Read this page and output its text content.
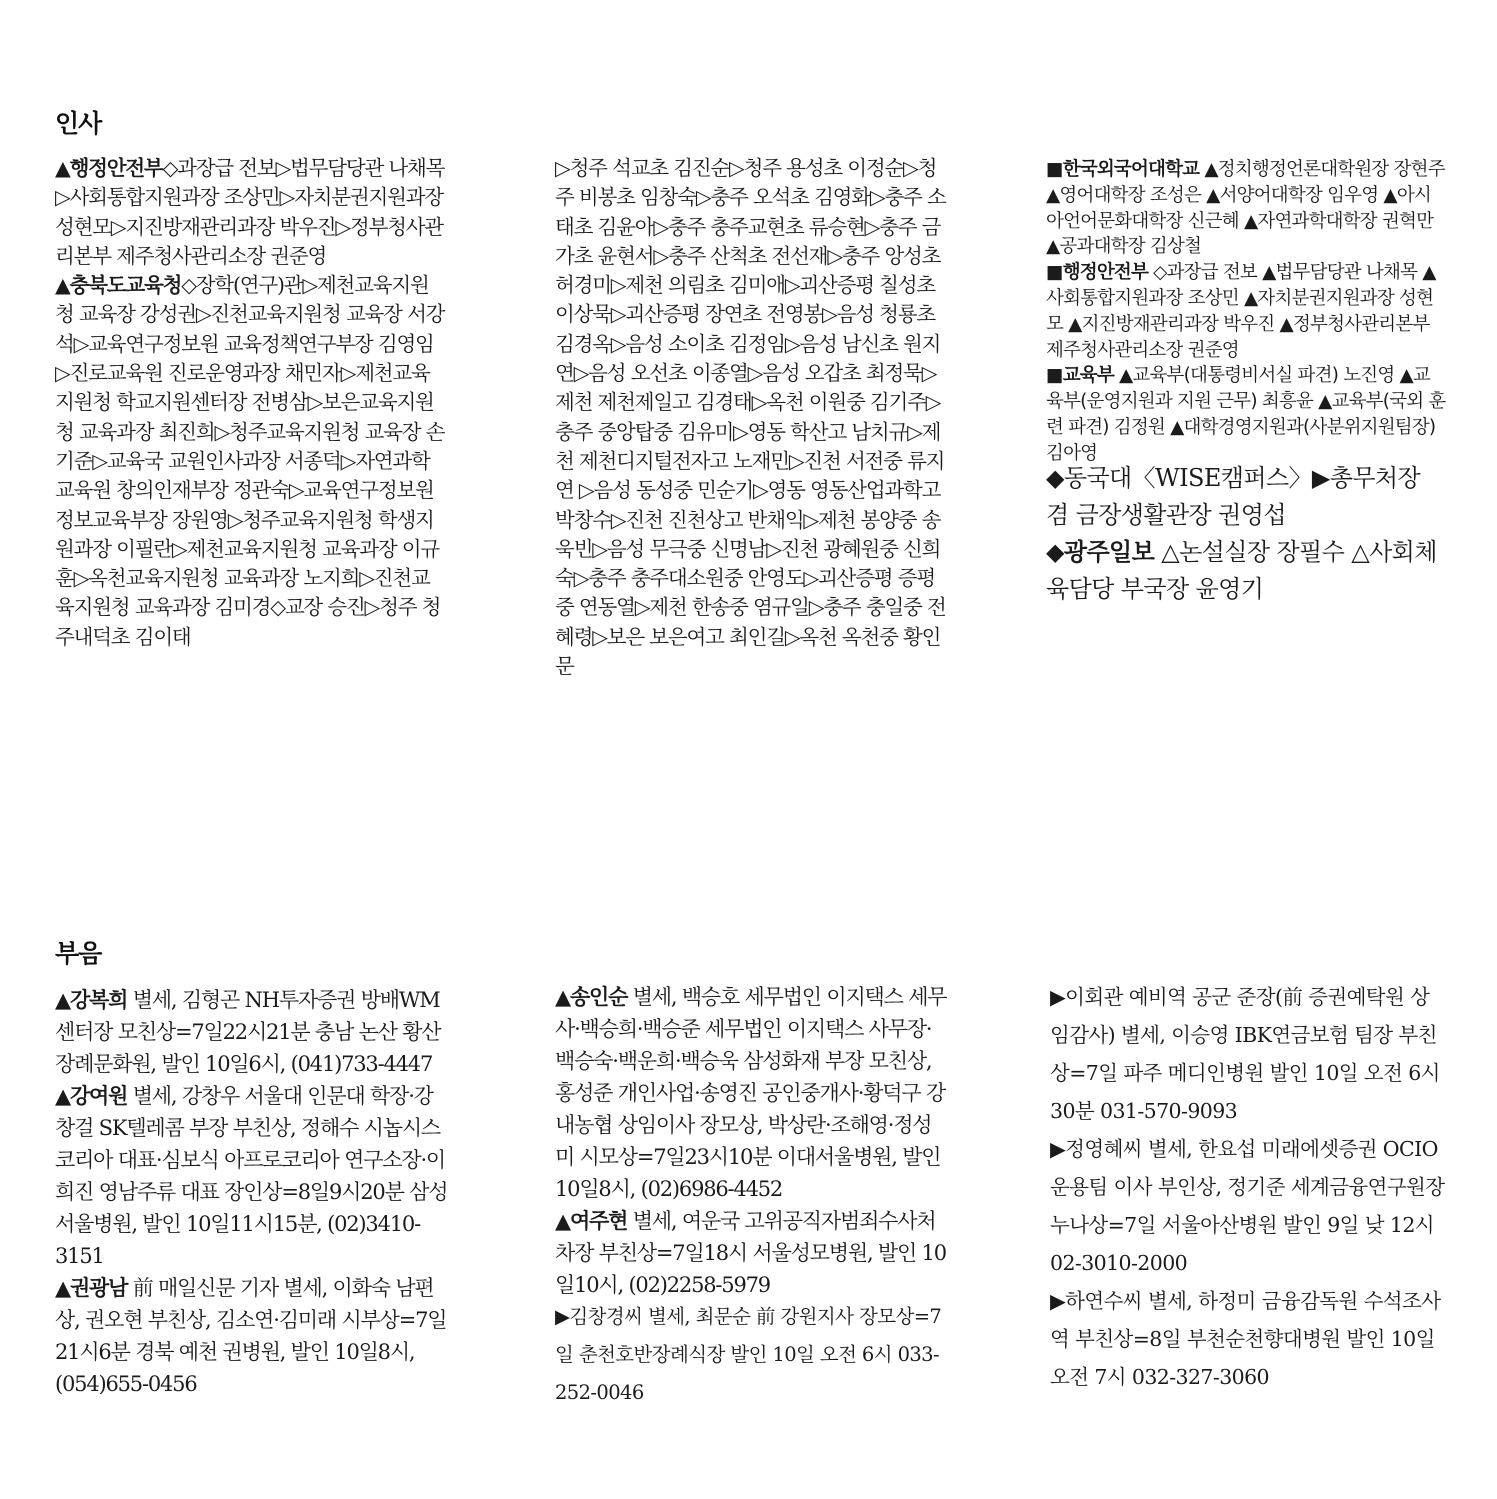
인사

▲행정안전부◇과장급 전보▷법무담당관 나채목▷사회통합지원과장 조상민▷자치분권지원과장 성현모▷지진방재관리과장 박우진▷정부청사관리본부 제주청사관리소장 권준영

▲충북도교육청◇장학(연구)관▷제천교육지원청 교육장 강성권▷진천교육지원청 교육장 서강석▷교육연구정보원 교육정책연구부장 김영임▷진로교육원 진로운영과장 채민자▷제천교육지원청 학교지원센터장 전병삼▷보은교육지원청 교육과장 최진희▷청주교육지원청 교육장 손기준▷교육국 교원인사과장 서종덕▷자연과학교육원 창의인재부장 정관숙▷교육연구정보원 정보교육부장 장원영▷청주교육지원청 학생지원과장 이필란▷제천교육지원청 교육과장 이규훈▷옥천교육지원청 교육과장 노지희▷진천교육지원청 교육과장 김미경◇교장 승진▷청주 청주내덕초 김이태

▷청주 석교초 김진순▷청주 용성초 이정순▷청주 비봉초 임창숙▷충주 오석초 김영화▷충주 소태초 김윤아▷충주 충주교현초 류승현▷충주 금가초 윤현서▷충주 산척초 전선재▷충주 앙성초 허경미▷제천 의림초 김미애▷괴산증평 칠성초 이상묵▷괴산증평 장연초 전영봉▷음성 청룡초 김경옥▷음성 소이초 김정임▷음성 남신초 원지연▷음성 오선초 이종열▷음성 오갑초 최정묵▷제천 제천제일고 김경태▷옥천 이원중 김기주▷충주 중앙탑중 김유미▷영동 학산고 남치규▷제천 제천디지털전자고 노재민▷진천 서전중 류지연 ▷음성 동성중 민순기▷영동 영동산업과학고 박창수▷진천 진천상고 반채익▷제천 봉양중 송욱빈▷음성 무극중 신명남▷진천 광혜원중 신희숙▷충주 충주대소원중 안영도▷괴산증평 증평중 연동열▷제천 한송중 염규일▷충주 충일중 전혜령▷보은 보은여고 최인길▷옥천 옥천중 황인문

■한국외국어대학교 ▲정치행정언론대학원장 장현주 ▲영어대학장 조성은 ▲서양어대학장 임우영 ▲아시아언어문화대학장 신근혜 ▲자연과학대학장 권혁만 ▲공과대학장 김상철

■행정안전부 ◇과장급 전보 ▲법무담당관 나채목 ▲사회통합지원과장 조상민 ▲자치분권지원과장 성현모 ▲지진방재관리과장 박우진 ▲정부청사관리본부 제주청사관리소장 권준영

■교육부 ▲교육부(대통령비서실 파견) 노진영 ▲교육부(운영지원과 지원 근무) 최흥윤 ▲교육부(국외 훈련 파견) 김정원 ▲대학경영지원과(사분위지원팀장) 김아영

◆동국대〈WISE캠퍼스〉▶총무처장 겸 금장생활관장 권영섭

◆광주일보 △논설실장 장필수 △사회체육담당 부국장 윤영기

부음

▲강복희 별세, 김형곤 NH투자증권 방배WM센터장 모친상=7일22시21분 충남 논산 황산장례문화원, 발인 10일6시, (041)733-4447

▲강여원 별세, 강창우 서울대 인문대 학장·강창걸 SK텔레콤 부장 부친상, 정해수 시놉시스코리아 대표·심보식 아프로코리아 연구소장·이희진 영남주류 대표 장인상=8일9시20분 삼성서울병원, 발인 10일11시15분, (02)3410-3151

▲권광남 前 매일신문 기자 별세, 이화숙 남편상, 권오현 부친상, 김소연·김미래 시부상=7일21시6분 경북 예천 권병원, 발인 10일8시, (054)655-0456

▲송인순 별세, 백승호 세무법인 이지택스 세무사·백승희·백승준 세무법인 이지택스 사무장·백승숙·백운희·백승욱 삼성화재 부장 모친상, 홍성준 개인사업·송영진 공인중개사·황덕구 강내농협 상임이사 장모상, 박상란·조해영·정성미 시모상=7일23시10분 이대서울병원, 발인 10일8시, (02)6986-4452

▲여주현 별세, 여운국 고위공직자범죄수사처 차장 부친상=7일18시 서울성모병원, 발인 10일10시, (02)2258-5979

▶김창경씨 별세, 최문순 前 강원지사 장모상=7일 춘천호반장례식장 발인 10일 오전 6시 033-252-0046

▶이회관 예비역 공군 준장(前 증권예탁원 상임감사) 별세, 이승영 IBK연금보험 팀장 부친상=7일 파주 메디인병원 발인 10일 오전 6시30분 031-570-9093

▶정영혜씨 별세, 한요섭 미래에셋증권 OCIO운용팀 이사 부인상, 정기준 세계금융연구원장 누나상=7일 서울아산병원 발인 9일 낮 12시 02-3010-2000

▶하연수씨 별세, 하정미 금융감독원 수석조사역 부친상=8일 부천순천향대병원 발인 10일 오전 7시 032-327-3060
